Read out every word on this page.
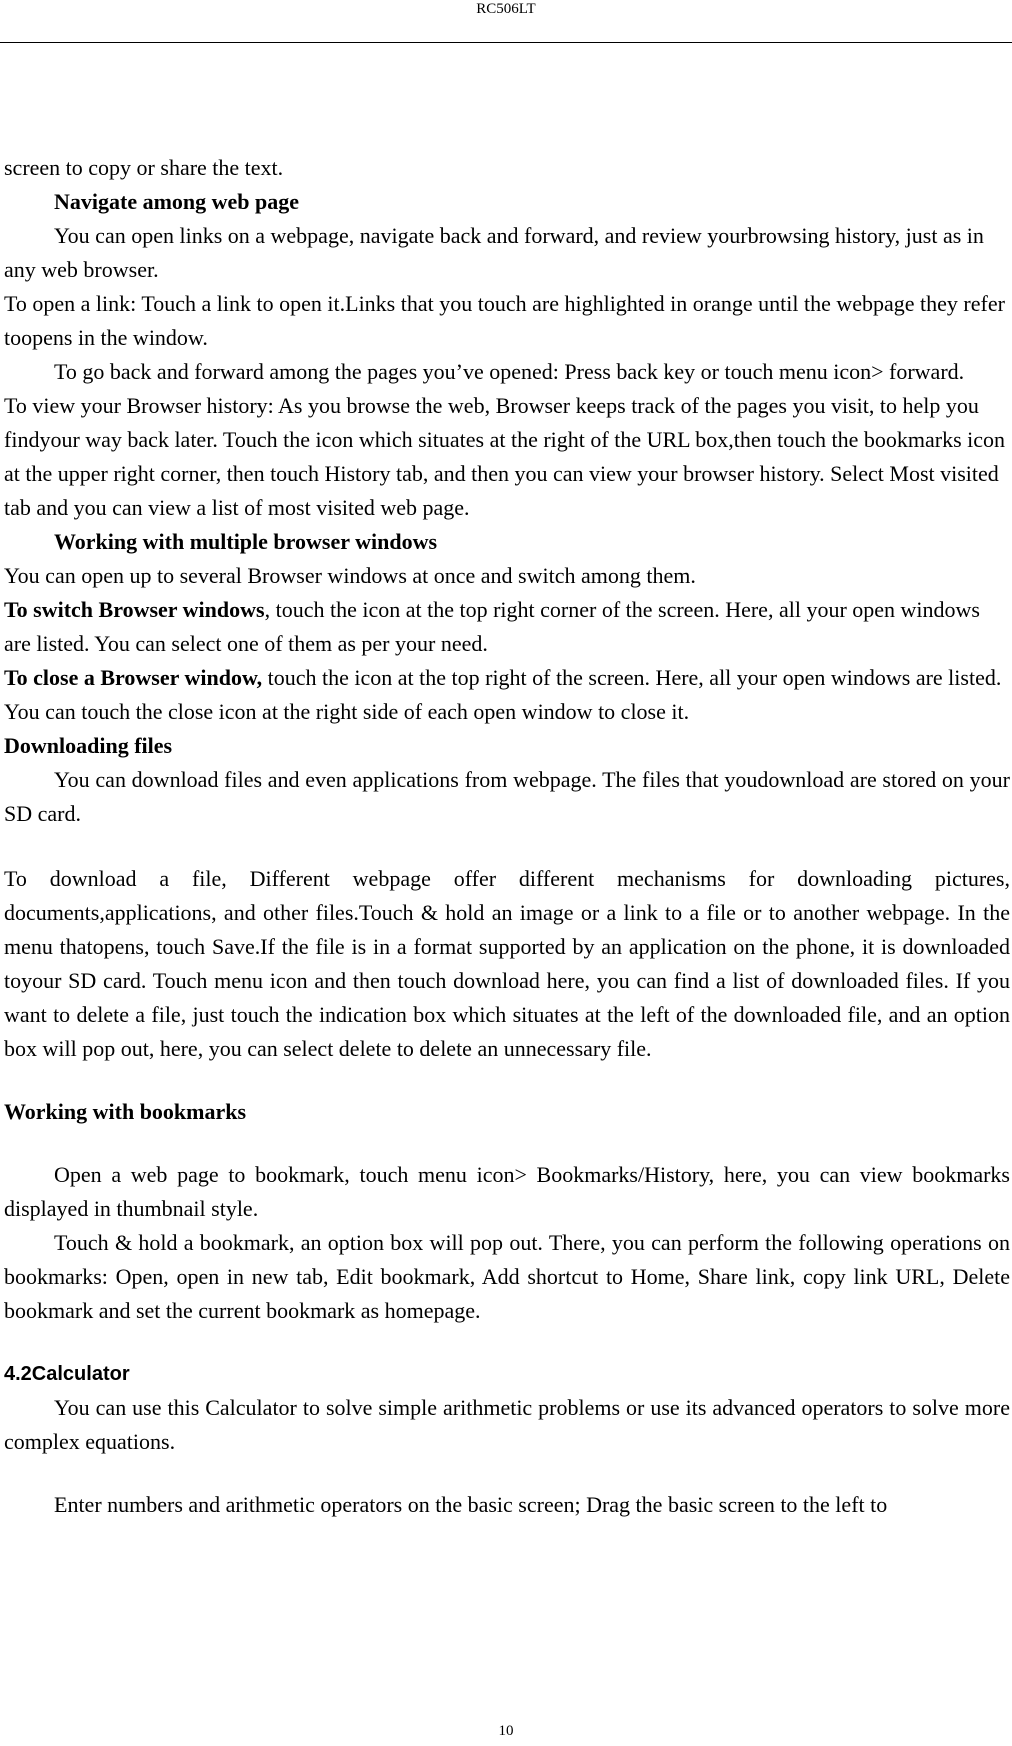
RC506LT

screen to copy or share the text.

Navigate among web page

You can open links on a webpage, navigate back and forward, and review yourbrowsing history, just as in any web browser.

To open a link: Touch a link to open it.Links that you touch are highlighted in orange until the webpage they refer toopens in the window.

To go back and forward among the pages you’ve opened: Press back key or touch menu icon> forward.

To view your Browser history: As you browse the web, Browser keeps track of the pages you visit, to help you findyour way back later. Touch the icon which situates at the right of the URL box,then touch the bookmarks icon at the upper right corner, then touch History tab, and then you can view your browser history. Select Most visited tab and you can view a list of most visited web page.

Working with multiple browser windows

You can open up to several Browser windows at once and switch among them.

To switch Browser windows, touch the icon at the top right corner of the screen. Here, all your open windows are listed. You can select one of them as per your need.

To close a Browser window, touch the icon at the top right of the screen. Here, all your open windows are listed. You can touch the close icon at the right side of each open window to close it.

Downloading files

You can download files and even applications from webpage. The files that youdownload are stored on your SD card.

To download a file, Different webpage offer different mechanisms for downloading pictures, documents,applications, and other files.Touch & hold an image or a link to a file or to another webpage. In the menu thatopens, touch Save.If the file is in a format supported by an application on the phone, it is downloaded toyour SD card. Touch menu icon and then touch download here, you can find a list of downloaded files. If you want to delete a file, just touch the indication box which situates at the left of the downloaded file, and an option box will pop out, here, you can select delete to delete an unnecessary file.

Working with bookmarks

Open a web page to bookmark, touch menu icon> Bookmarks/History, here, you can view bookmarks displayed in thumbnail style.

Touch & hold a bookmark, an option box will pop out. There, you can perform the following operations on bookmarks: Open, open in new tab, Edit bookmark, Add shortcut to Home, Share link, copy link URL, Delete bookmark and set the current bookmark as homepage.

4.2Calculator

You can use this Calculator to solve simple arithmetic problems or use its advanced operators to solve more complex equations.

Enter numbers and arithmetic operators on the basic screen; Drag the basic screen to the left to

10
